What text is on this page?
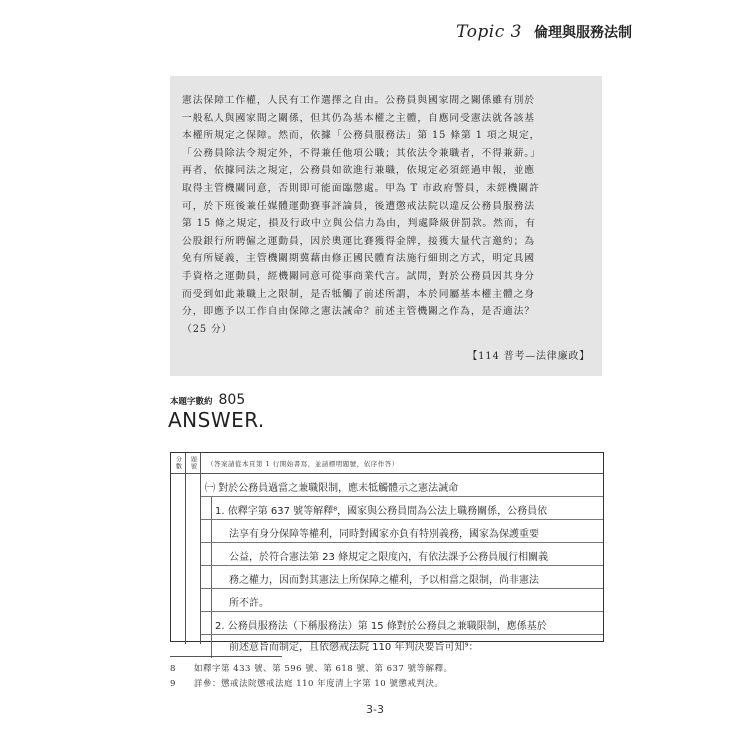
Topic 3 倫理與服務法制
憲法保障工作權，人民有工作選擇之自由。公務員與國家間之關係雖有別於
一般私人與國家間之關係，但其仍為基本權之主體，自應同受憲法就各該基
本權所規定之保障。然而，依據「公務員服務法」第 15 條第 1 項之規定，
「公務員除法令規定外，不得兼任他項公職；其依法令兼職者，不得兼薪。」
再者，依據同法之規定，公務員如欲進行兼職，依規定必須經過申報，並應
取得主管機關同意，否則即可能面臨懲處。甲為 T 市政府警員，未經機關許
可，於下班後兼任媒體運動賽事評論員，後遭懲戒法院以違反公務員服務法
第 15 條之規定，損及行政中立與公信力為由，判處降級併罰款。然而，有
公股銀行所聘僱之運動員，因於奧運比賽獲得金牌，接獲大量代言邀約；為
免有所疑義，主管機關期冀藉由修正國民體育法施行細則之方式，明定具國
手資格之運動員，經機關同意可從事商業代言。試問，對於公務員因其身分
而受到如此兼職上之限制，是否牴觸了前述所謂，本於同屬基本權主體之身
分，即應予以工作自由保障之憲法誡命？前述主管機關之作為，是否適法？
（25 分）
【114 普考—法律廉政】
本題字數約 805
ANSWER.
分數	題號	（答案請從本頁第 1 行開始書寫，並請標明題號，依序作答）
㈠ 對於公務員過當之兼職限制，應未牴觸體示之憲法誡命
1. 依釋字第 637 號等解釋⁸，國家與公務員間為公法上職務關係，公務員依
法享有身分保障等權利，同時對國家亦負有特別義務，國家為保護重要
公益，於符合憲法第 23 條規定之限度內，有依法課予公務員履行相關義
務之權力，因而對其憲法上所保障之權利，予以相當之限制，尚非憲法
所不許。
2. 公務員服務法（下稱服務法）第 15 條對於公務員之兼職限制，應係基於
前述意旨而制定，且依懲戒法院 110 年判決要旨可知⁹：
8 如釋字第 433 號、第 596 號、第 618 號、第 637 號等解釋。
9 詳參：懲戒法院懲戒法庭 110 年度清上字第 10 號懲戒判決。
3-3
